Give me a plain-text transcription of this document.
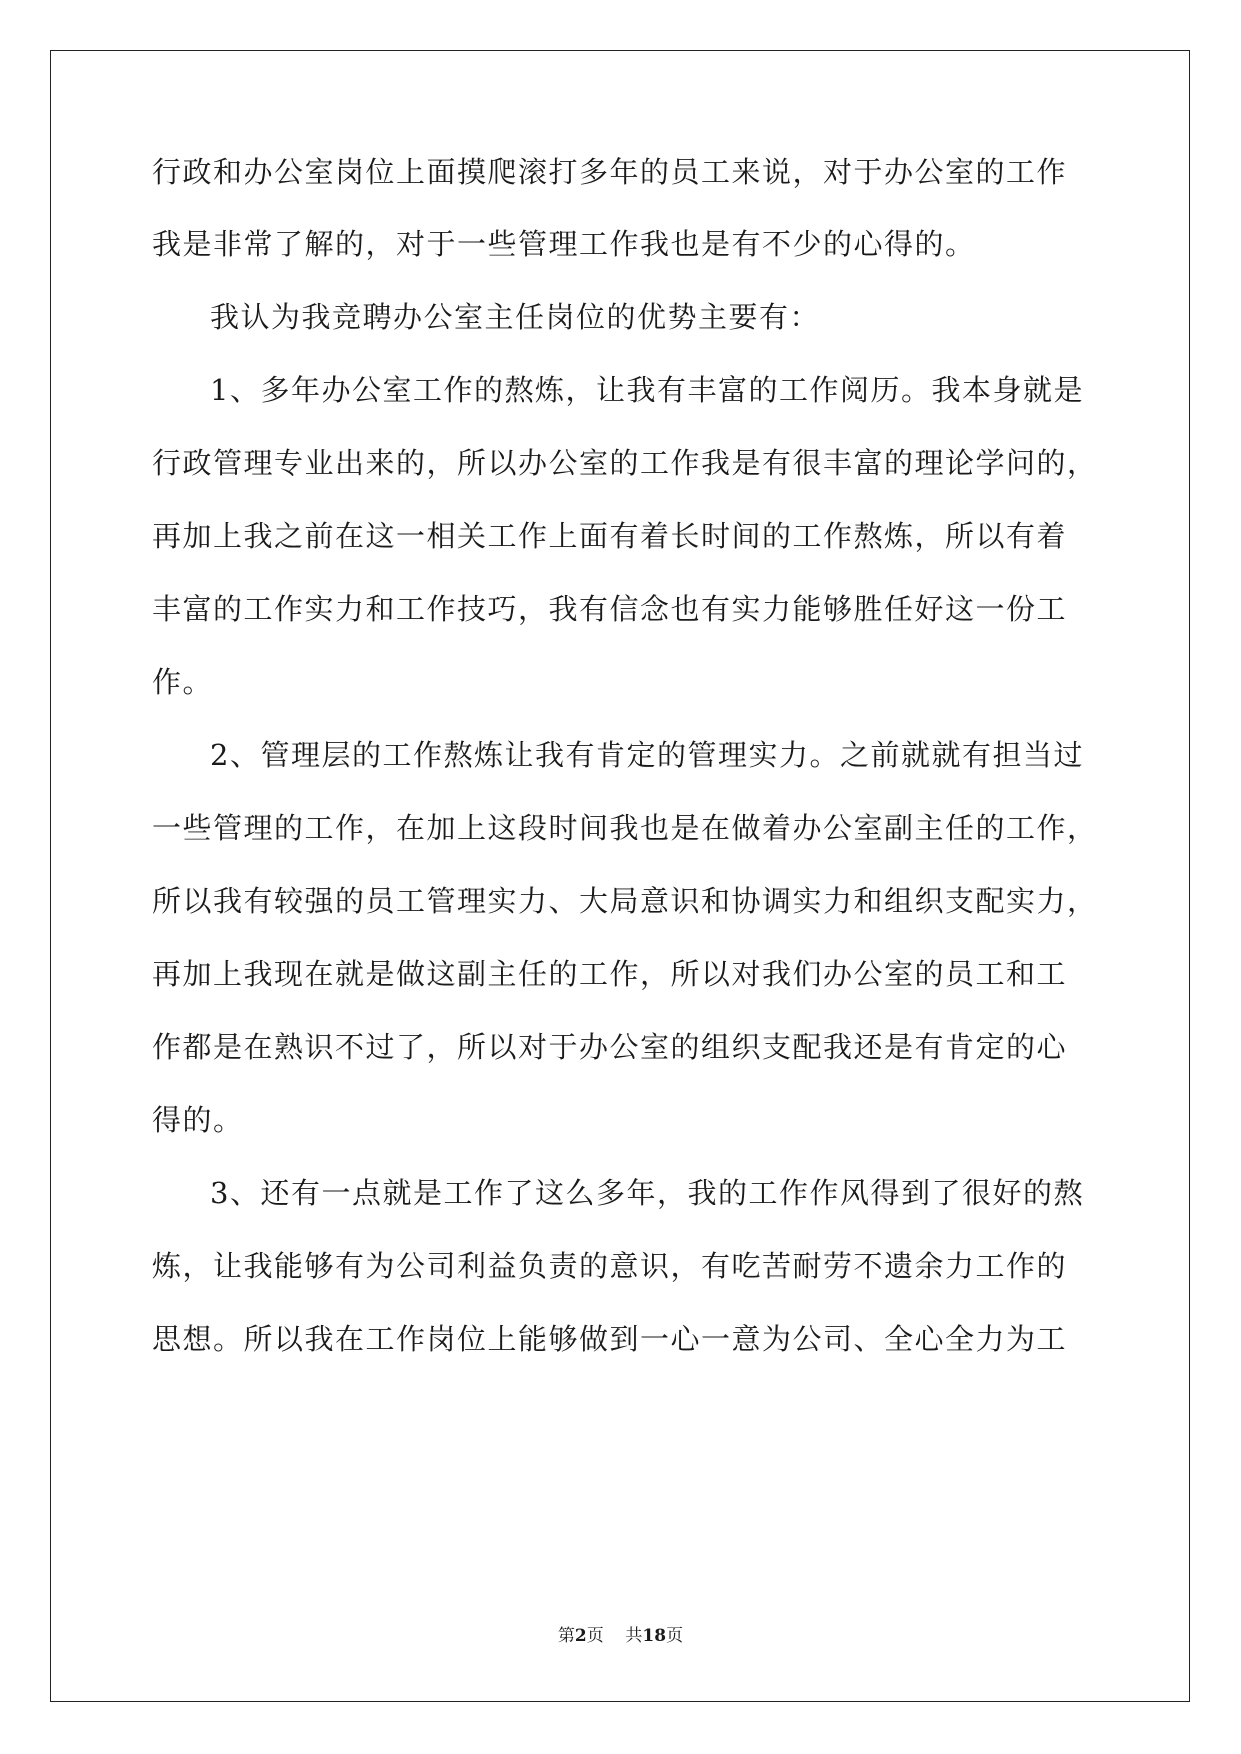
行政和办公室岗位上面摸爬滚打多年的员工来说，对于办公室的工作
我是非常了解的，对于一些管理工作我也是有不少的心得的。
我认为我竞聘办公室主任岗位的优势主要有：
1、多年办公室工作的熬炼，让我有丰富的工作阅历。我本身就是
行政管理专业出来的，所以办公室的工作我是有很丰富的理论学问的，
再加上我之前在这一相关工作上面有着长时间的工作熬炼，所以有着
丰富的工作实力和工作技巧，我有信念也有实力能够胜任好这一份工
作。
2、管理层的工作熬炼让我有肯定的管理实力。之前就就有担当过
一些管理的工作，在加上这段时间我也是在做着办公室副主任的工作，
所以我有较强的员工管理实力、大局意识和协调实力和组织支配实力，
再加上我现在就是做这副主任的工作，所以对我们办公室的员工和工
作都是在熟识不过了，所以对于办公室的组织支配我还是有肯定的心
得的。
3、还有一点就是工作了这么多年，我的工作作风得到了很好的熬
炼，让我能够有为公司利益负责的意识，有吃苦耐劳不遗余力工作的
思想。所以我在工作岗位上能够做到一心一意为公司、全心全力为工
第2页 共18页
